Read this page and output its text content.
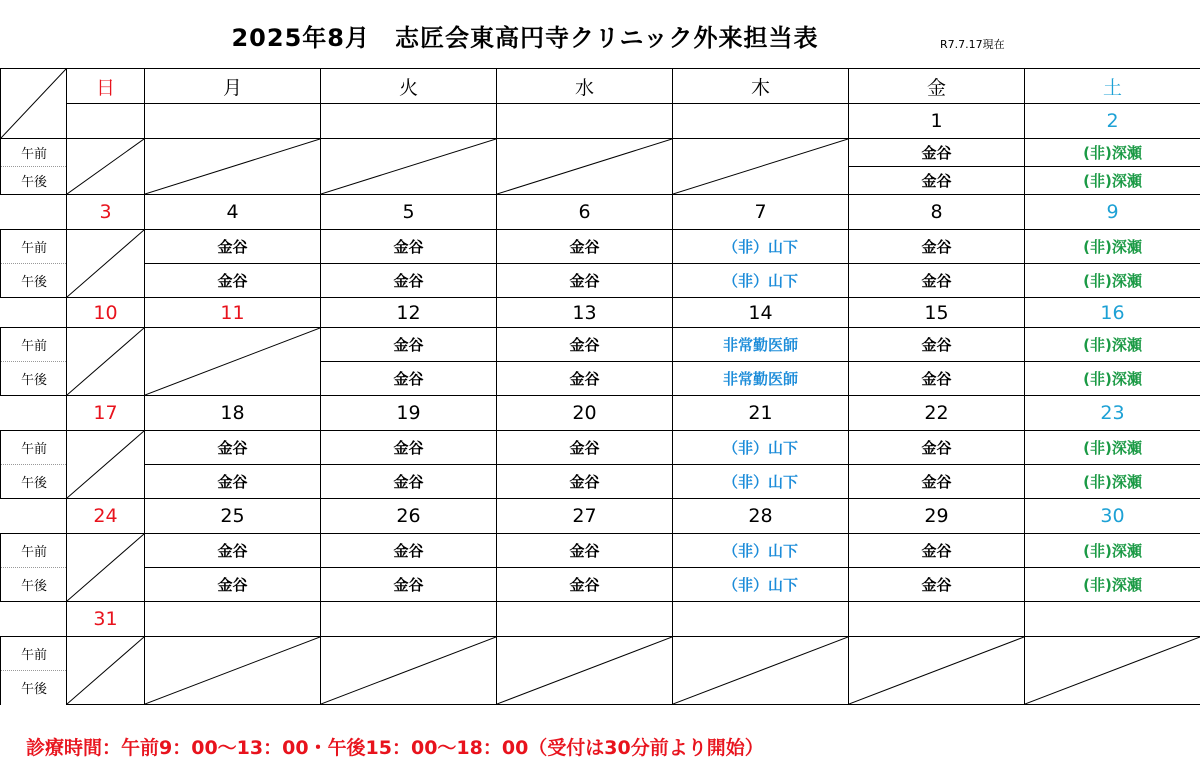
2025年8月　志匠会東高円寺クリニック外来担当表	R7.7.17現在
	日	月	火	水	木	金	土
						1	2
午前						金谷	(非)深瀬
午後						金谷	(非)深瀬
	3	4	5	6	7	8	9
午前		金谷	金谷	金谷	（非）山下	金谷	(非)深瀬
午後		金谷	金谷	金谷	（非）山下	金谷	(非)深瀬
	10	11	12	13	14	15	16
午前			金谷	金谷	非常勤医師	金谷	(非)深瀬
午後			金谷	金谷	非常勤医師	金谷	(非)深瀬
	17	18	19	20	21	22	23
午前		金谷	金谷	金谷	（非）山下	金谷	(非)深瀬
午後		金谷	金谷	金谷	（非）山下	金谷	(非)深瀬
	24	25	26	27	28	29	30
午前		金谷	金谷	金谷	（非）山下	金谷	(非)深瀬
午後		金谷	金谷	金谷	（非）山下	金谷	(非)深瀬
	31						
午前	

午後							
診療時間：午前9：00～13：00・午後15：00～18：00（受付は30分前より開始）
